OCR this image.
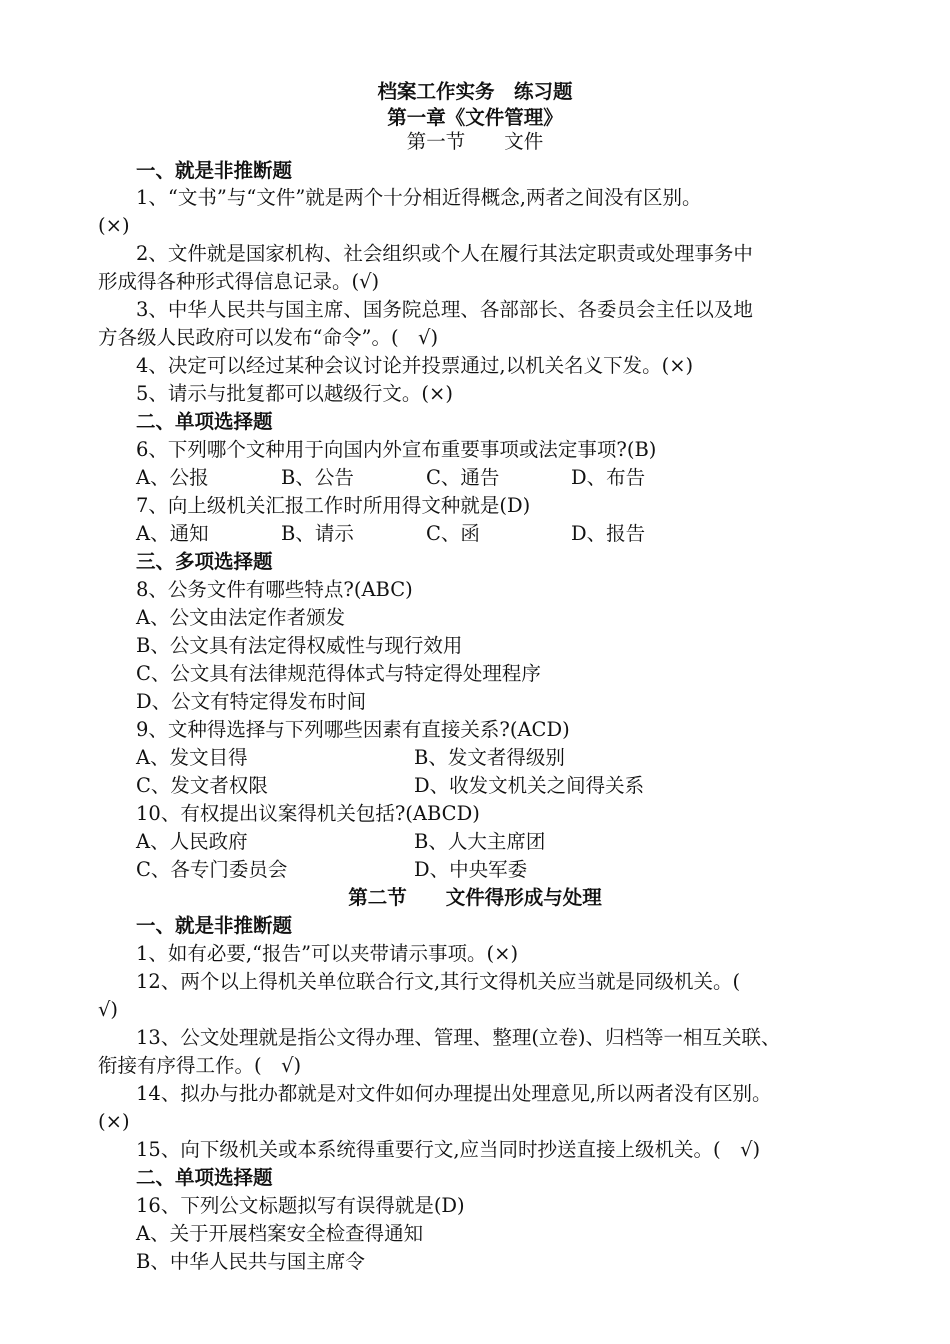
档案工作实务　练习题
第一章《文件管理》
第一节　　文件
一、就是非推断题
1、“文书”与“文件”就是两个十分相近得概念,两者之间没有区别。
(×)
2、文件就是国家机构、社会组织或个人在履行其法定职责或处理事务中
形成得各种形式得信息记录。(√)
3、中华人民共与国主席、国务院总理、各部部长、各委员会主任以及地
方各级人民政府可以发布“命令”。(　√)
4、决定可以经过某种会议讨论并投票通过,以机关名义下发。(×)
5、请示与批复都可以越级行文。(×)
二、单项选择题
6、下列哪个文种用于向国内外宣布重要事项或法定事项?(B)
A、公报	B、公告	C、通告	D、布告
7、向上级机关汇报工作时所用得文种就是(D)
A、通知	B、请示	C、函	D、报告
三、多项选择题
8、公务文件有哪些特点?(ABC)
A、公文由法定作者颁发
B、公文具有法定得权威性与现行效用
C、公文具有法律规范得体式与特定得处理程序
D、公文有特定得发布时间
9、文种得选择与下列哪些因素有直接关系?(ACD)
A、发文目得	B、发文者得级别
C、发文者权限	D、收发文机关之间得关系
10、有权提出议案得机关包括?(ABCD)
A、人民政府	B、人大主席团
C、各专门委员会	D、中央军委
第二节　　文件得形成与处理
一、就是非推断题
1、如有必要,“报告”可以夹带请示事项。(×)
12、两个以上得机关单位联合行文,其行文得机关应当就是同级机关。(
√)
13、公文处理就是指公文得办理、管理、整理(立卷)、归档等一相互关联、
衔接有序得工作。(　√)
14、拟办与批办都就是对文件如何办理提出处理意见,所以两者没有区别。
(×)
15、向下级机关或本系统得重要行文,应当同时抄送直接上级机关。(　√)
二、单项选择题
16、下列公文标题拟写有误得就是(D)
A、关于开展档案安全检查得通知
B、中华人民共与国主席令
